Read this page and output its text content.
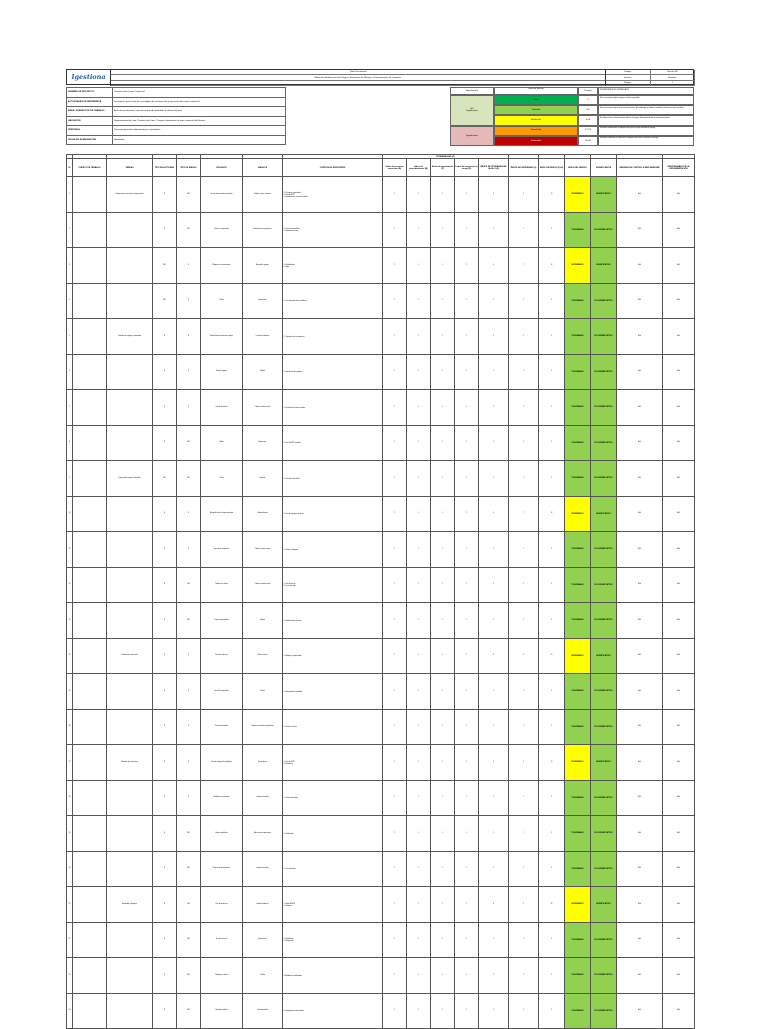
Igestiona
Título Documento
Matriz de Identificación de Peligros, Evaluación de Riesgos y Determinación de Controles
Código:	Versión 08
Versión:	Revisión
Página:	1
NOMBRE DE PROYECTO	Construcción Centro Comercial
ACTIVIDADES DE REFERENCIA	Descripción general de las actividades de construcción y operación del centro comercial
ÁREA / SUBSECTOR DE TRABAJO	Área de construcción, zona de acopio de materiales y oficinas de obra
UBICACIÓN	Departamento de Lima, Provincia de Lima - Proyecto ubicado en la zona comercial del distrito
PERSONAL	Personal operativo, administrativo y contratistas
FECHA DE ELABORACIÓN	Noviembre
Significancia
Nivel de Riesgo
Puntaje
INTERPRETACIÓN / SIGNIFICADO
NO
Significativo
Significativo
Trivial	4
No se necesita adoptar ninguna acción específica.
Tolerable	5-8
No se necesita mejorar la acción preventiva. Sin embargo se deben considerar soluciones más rentables.
Moderado	9-16
Se deben hacer esfuerzos para reducir el riesgo, determinando las inversiones precisas.
Importante	17-24
No debe comenzarse el trabajo hasta que se haya reducido el riesgo.
Intolerable	25-36
No debe comenzar ni continuar el trabajo hasta que se reduzca el riesgo.
								PROBABILIDAD (P)										
N°	PUESTO DE TRABAJO	TAREAS	TIPO DE ACTIVIDAD	TIPO DE RIESGO	PELIGROS	RIESGOS	CONTROLES EXISTENTES	Índice de personas expuestas (A)	Índice de procedimientos (B)	Índice de capacitación (C)	Índice de exposición al riesgo (D)	ÍNDICE DE PROBABILIDAD (A+B+C+D)	ÍNDICE DE SEVERIDAD (S)	NIVEL DE RIESGO (PxS)	NIVEL DEL RIESGO	SIGNIFICANCIA	MEDIDAS DE CONTROL A IMPLEMENTAR	RESPONSABLE DE LA IMPLEMENTACIÓN
1		Trabajos de excavación y compactación	R	NR	Uso de herramientas manuales	Golpes, cortes, lesiones	1. Personal capacitado
2. Uso de EPP
3. Herramientas en buen estado	2	1	1	2	6	2	12	MODERADO	SIGNIFICATIVO	N.A.	N.A.
2			R	NR	Polvo en suspensión	Irritación vías respiratorias	1. Uso de mascarillas
2. Humedecer zona	2	1	1	1	5	1	5	TOLERABLE	NO SIGNIFICATIVO	N.A.	N.A.
3			NR	S	Máquinas en movimiento	Atropellos, golpes	1. Señalización
2. Vigía	2	1	1	2	6	2	12	MODERADO	SIGNIFICATIVO	N.A.	N.A.
4			NR	S	Ruido	Hipoacusia	1. Uso de protectores auditivos	2	1	1	1	5	1	5	TOLERABLE	NO SIGNIFICATIVO	N.A.	N.A.
5		Traslado de equipos y materiales	R	S	Manipulación manual de cargas	Lesiones lumbares	1. Capacitación en posturas	2	1	1	1	5	1	5	TOLERABLE	NO SIGNIFICATIVO	N.A.	N.A.
6			R	S	Uso de equipos	Golpes	1. Inspección de equipos	2	1	1	1	5	1	5	TOLERABLE	NO SIGNIFICATIVO	N.A.	N.A.
7			R	S	Uso de escaleras	Caídas a distinto nivel	1. Escaleras en buen estado	2	1	1	1	5	1	5	TOLERABLE	NO SIGNIFICATIVO	N.A.	N.A.
8			R	NR	Ruido	Hipoacusia	1. Uso de EPP auditivo	2	1	1	1	5	1	5	TOLERABLE	NO SIGNIFICATIVO	N.A.	N.A.
9		Carga y descarga de materiales	NR	NR	Polvo	Irritación	1. Uso de mascarillas	2	1	1	1	5	1	5	TOLERABLE	NO SIGNIFICATIVO	N.A.	N.A.
10			R	S	Manipulación de cargas pesadas	Sobreesfuerzo	1. Uso de equipos de izaje	2	1	1	2	6	2	12	MODERADO	SIGNIFICATIVO	N.A.	N.A.
11			R	S	Superficies irregulares	Caídas al mismo nivel	1. Orden y limpieza	2	1	1	1	5	1	5	TOLERABLE	NO SIGNIFICATIVO	N.A.	N.A.
12			R	NR	Trabajos en altura	Caídas a distinto nivel	1. Uso de arnés
2. Línea de vida	2	1	1	1	5	1	5	TOLERABLE	NO SIGNIFICATIVO	N.A.	N.A.
13			R	NR	Cargas suspendidas	Golpes	1. Señalización de zona	2	1	1	1	5	1	5	TOLERABLE	NO SIGNIFICATIVO	N.A.	N.A.
14		Instalaciones eléctricas	R	S	Contacto eléctrico	Electrocución	1. Bloqueo y etiquetado	2	1	1	2	6	2	12	MODERADO	SIGNIFICATIVO	N.A.	N.A.
15			R	S	Uso de herramientas	Cortes	1. Herramientas aisladas	2	1	1	1	5	1	5	TOLERABLE	NO SIGNIFICATIVO	N.A.	N.A.
16			R	S	Posturas forzadas	Trastornos musculoesqueléticos	1. Pausas activas	2	1	1	1	5	1	5	TOLERABLE	NO SIGNIFICATIVO	N.A.	N.A.
17		Montaje de estructuras	R	S	Uso de equipos de soldadura	Quemaduras	1. Uso de EPP
2. Extintores	2	1	1	2	6	2	12	MODERADO	SIGNIFICATIVO	N.A.	N.A.
18			R	S	Radiación no ionizante	Lesiones oculares	1. Careta de soldar	2	1	1	1	5	1	5	TOLERABLE	NO SIGNIFICATIVO	N.A.	N.A.
19			R	NR	Humos metálicos	Afecciones respiratorias	1. Ventilación	2	1	1	1	5	1	5	TOLERABLE	NO SIGNIFICATIVO	N.A.	N.A.
20			R	NR	Proyección de partículas	Lesiones oculares	1. Uso de lentes	2	1	1	1	5	1	5	TOLERABLE	NO SIGNIFICATIVO	N.A.	N.A.
21		Acabados y limpieza	R	NR	Uso de químicos	Irritación dérmica	1. Hojas MSDS
2. Guantes	2	1	1	2	6	2	12	MODERADO	SIGNIFICATIVO	N.A.	N.A.
22			R	NR	Uso de pinturas	Intoxicación	1. Ventilación
2. Respirador	2	1	1	1	5	1	5	TOLERABLE	NO SIGNIFICATIVO	N.A.	N.A.
23			R	NR	Trabajos en altura	Caídas	1. Andamios certificados	2	1	1	1	5	1	5	TOLERABLE	NO SIGNIFICATIVO	N.A.	N.A.
24			R	NR	Residuos sólidos	Contaminación	1. Segregación de residuos	2	1	1	1	5	1	5	TOLERABLE	NO SIGNIFICATIVO	N.A.	N.A.
